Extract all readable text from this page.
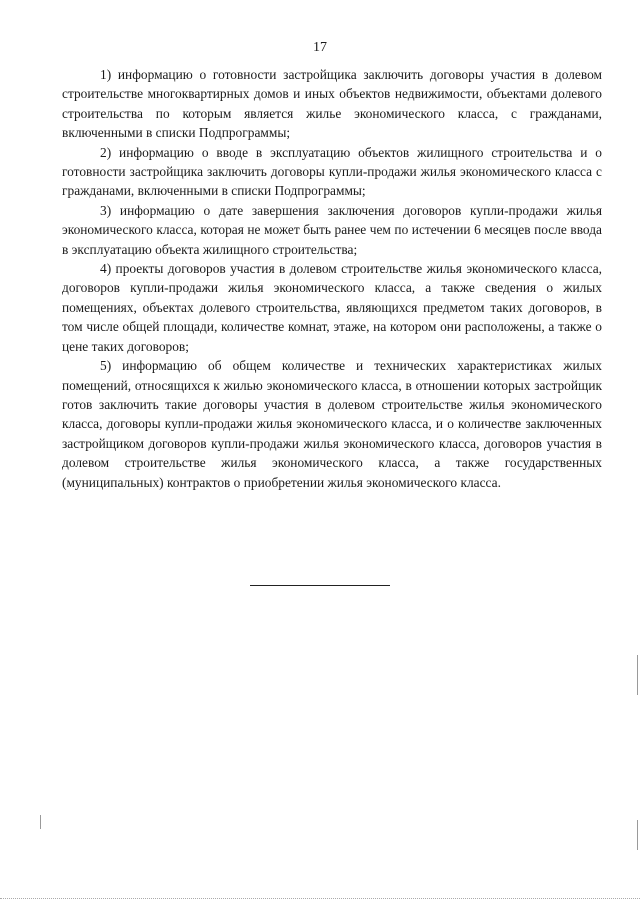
17

1) информацию о готовности застройщика заключить договоры участия в долевом строительстве многоквартирных домов и иных объектов недвижимости, объектами долевого строительства по которым является жилье экономического класса, с гражданами, включенными в списки Подпрограммы;

2) информацию о вводе в эксплуатацию объектов жилищного строительства и о готовности застройщика заключить договоры купли-продажи жилья экономического класса с гражданами, включенными в списки Подпрограммы;

3) информацию о дате завершения заключения договоров купли-продажи жилья экономического класса, которая не может быть ранее чем по истечении 6 месяцев после ввода в эксплуатацию объекта жилищного строительства;

4) проекты договоров участия в долевом строительстве жилья экономического класса, договоров купли-продажи жилья экономического класса, а также сведения о жилых помещениях, объектах долевого строительства, являющихся предметом таких договоров, в том числе общей площади, количестве комнат, этаже, на котором они расположены, а также о цене таких договоров;

5) информацию об общем количестве и технических характеристиках жилых помещений, относящихся к жилью экономического класса, в отношении которых застройщик готов заключить такие договоры участия в долевом строительстве жилья экономического класса, договоры купли-продажи жилья экономического класса, и о количестве заключенных застройщиком договоров купли-продажи жилья экономического класса, договоров участия в долевом строительстве жилья экономического класса, а также государственных (муниципальных) контрактов о приобретении жилья экономического класса.
